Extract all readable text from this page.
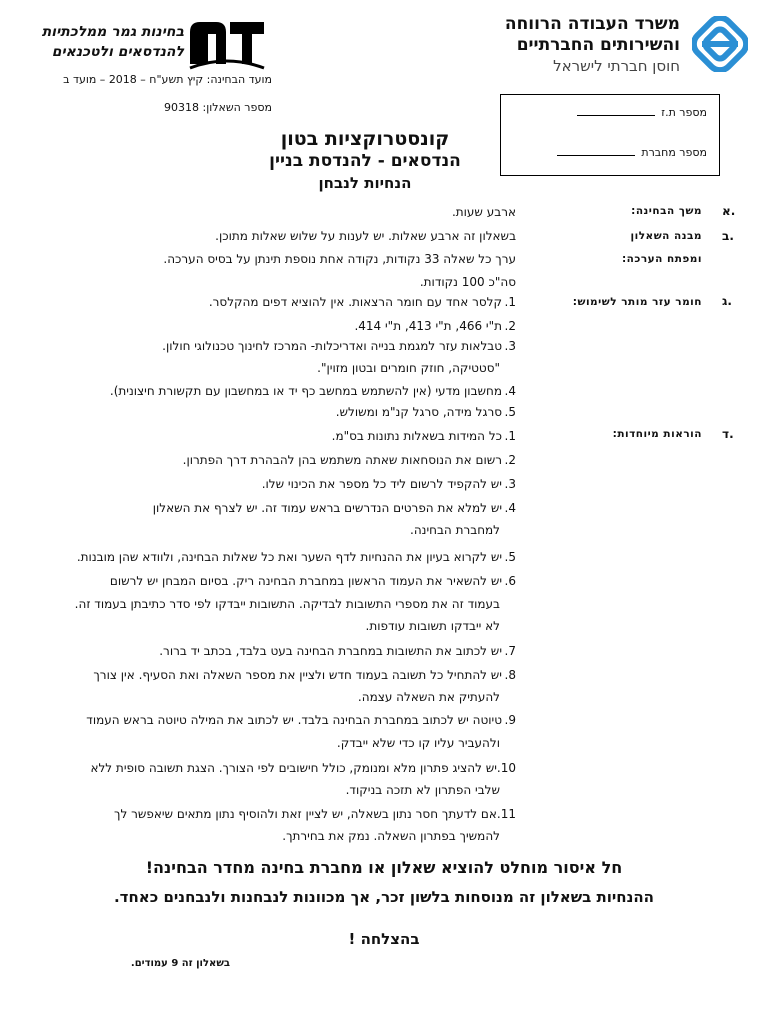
משרד העבודה הרווחה
והשירותים החברתיים
חוסן חברתי לישראל
בחינות גמר ממלכתיות
להנדסאים ולטכנאים
מועד הבחינה: קיץ תשע"ח – 2018 – מועד ב
מספר השאלון: 90318	מספר ת.ז
מספר מחברת
קונסטרוקציות בטון
הנדסאים - להנדסת בניין
הנחיות לנבחן
א.
משך הבחינה:
ארבע שעות.
ב.
מבנה השאלון
ומפתח הערכה:
בשאלון זה ארבע שאלות. יש לענות על שלוש שאלות מתוכן.
ערך כל שאלה 33 נקודות, נקודה אחת נוספת תינתן על בסיס הערכה.
סה"כ 100 נקודות.
ג.
חומר עזר מותר לשימוש:
1.קלסר אחד עם חומר הרצאות. אין להוציא דפים מהקלסר.
2.ת"י 466, ת"י 413, ת"י 414.
3.טבלאות עזר למגמת בנייה ואדריכלות- המרכז לחינוך טכנולוגי חולון.
"סטטיקה, חוזק חומרים ובטון מזוין".
4.מחשבון מדעי (אין להשתמש במחשב כף יד או במחשבון עם תקשורת חיצונית).
5.סרגל מידה, סרגל קנ"מ ומשולש.
ד.
הוראות מיוחדות:
1.כל המידות בשאלות נתונות בס"מ.
2.רשום את הנוסחאות שאתה משתמש בהן להבהרת דרך הפתרון.
3.יש להקפיד לרשום ליד כל מספר את הכינוי שלו.
4.יש למלא את הפרטים הנדרשים בראש עמוד זה. יש לצרף את השאלון
למחברת הבחינה.
5.יש לקרוא בעיון את ההנחיות לדף השער ואת כל שאלות הבחינה, ולוודא שהן מובנות.
6.יש להשאיר את העמוד הראשון במחברת הבחינה ריק. בסיום המבחן יש לרשום
בעמוד זה את מספרי התשובות לבדיקה. התשובות ייבדקו לפי סדר כתיבתן בעמוד זה.
לא ייבדקו תשובות עודפות.
7.יש לכתוב את התשובות במחברת הבחינה בעט בלבד, בכתב יד ברור.
8.יש להתחיל כל תשובה בעמוד חדש ולציין את מספר השאלה ואת הסעיף. אין צורך
להעתיק את השאלה עצמה.
9.טיוטה יש לכתוב במחברת הבחינה בלבד. יש לכתוב את המילה טיוטה בראש העמוד
ולהעביר עליו קו כדי שלא ייבדק.
10.יש להציג פתרון מלא ומנומק, כולל חישובים לפי הצורך. הצגת תשובה סופית ללא
שלבי הפתרון לא תזכה בניקוד.
11.אם לדעתך חסר נתון בשאלה, יש לציין זאת ולהוסיף נתון מתאים שיאפשר לך
להמשיך בפתרון השאלה. נמק את בחירתך.
חל איסור מוחלט להוציא שאלון או מחברת בחינה מחדר הבחינה!
ההנחיות בשאלון זה מנוסחות בלשון זכר, אך מכוונות לנבחנות ולנבחנים כאחד.
בהצלחה !
בשאלון זה 9 עמודים.
